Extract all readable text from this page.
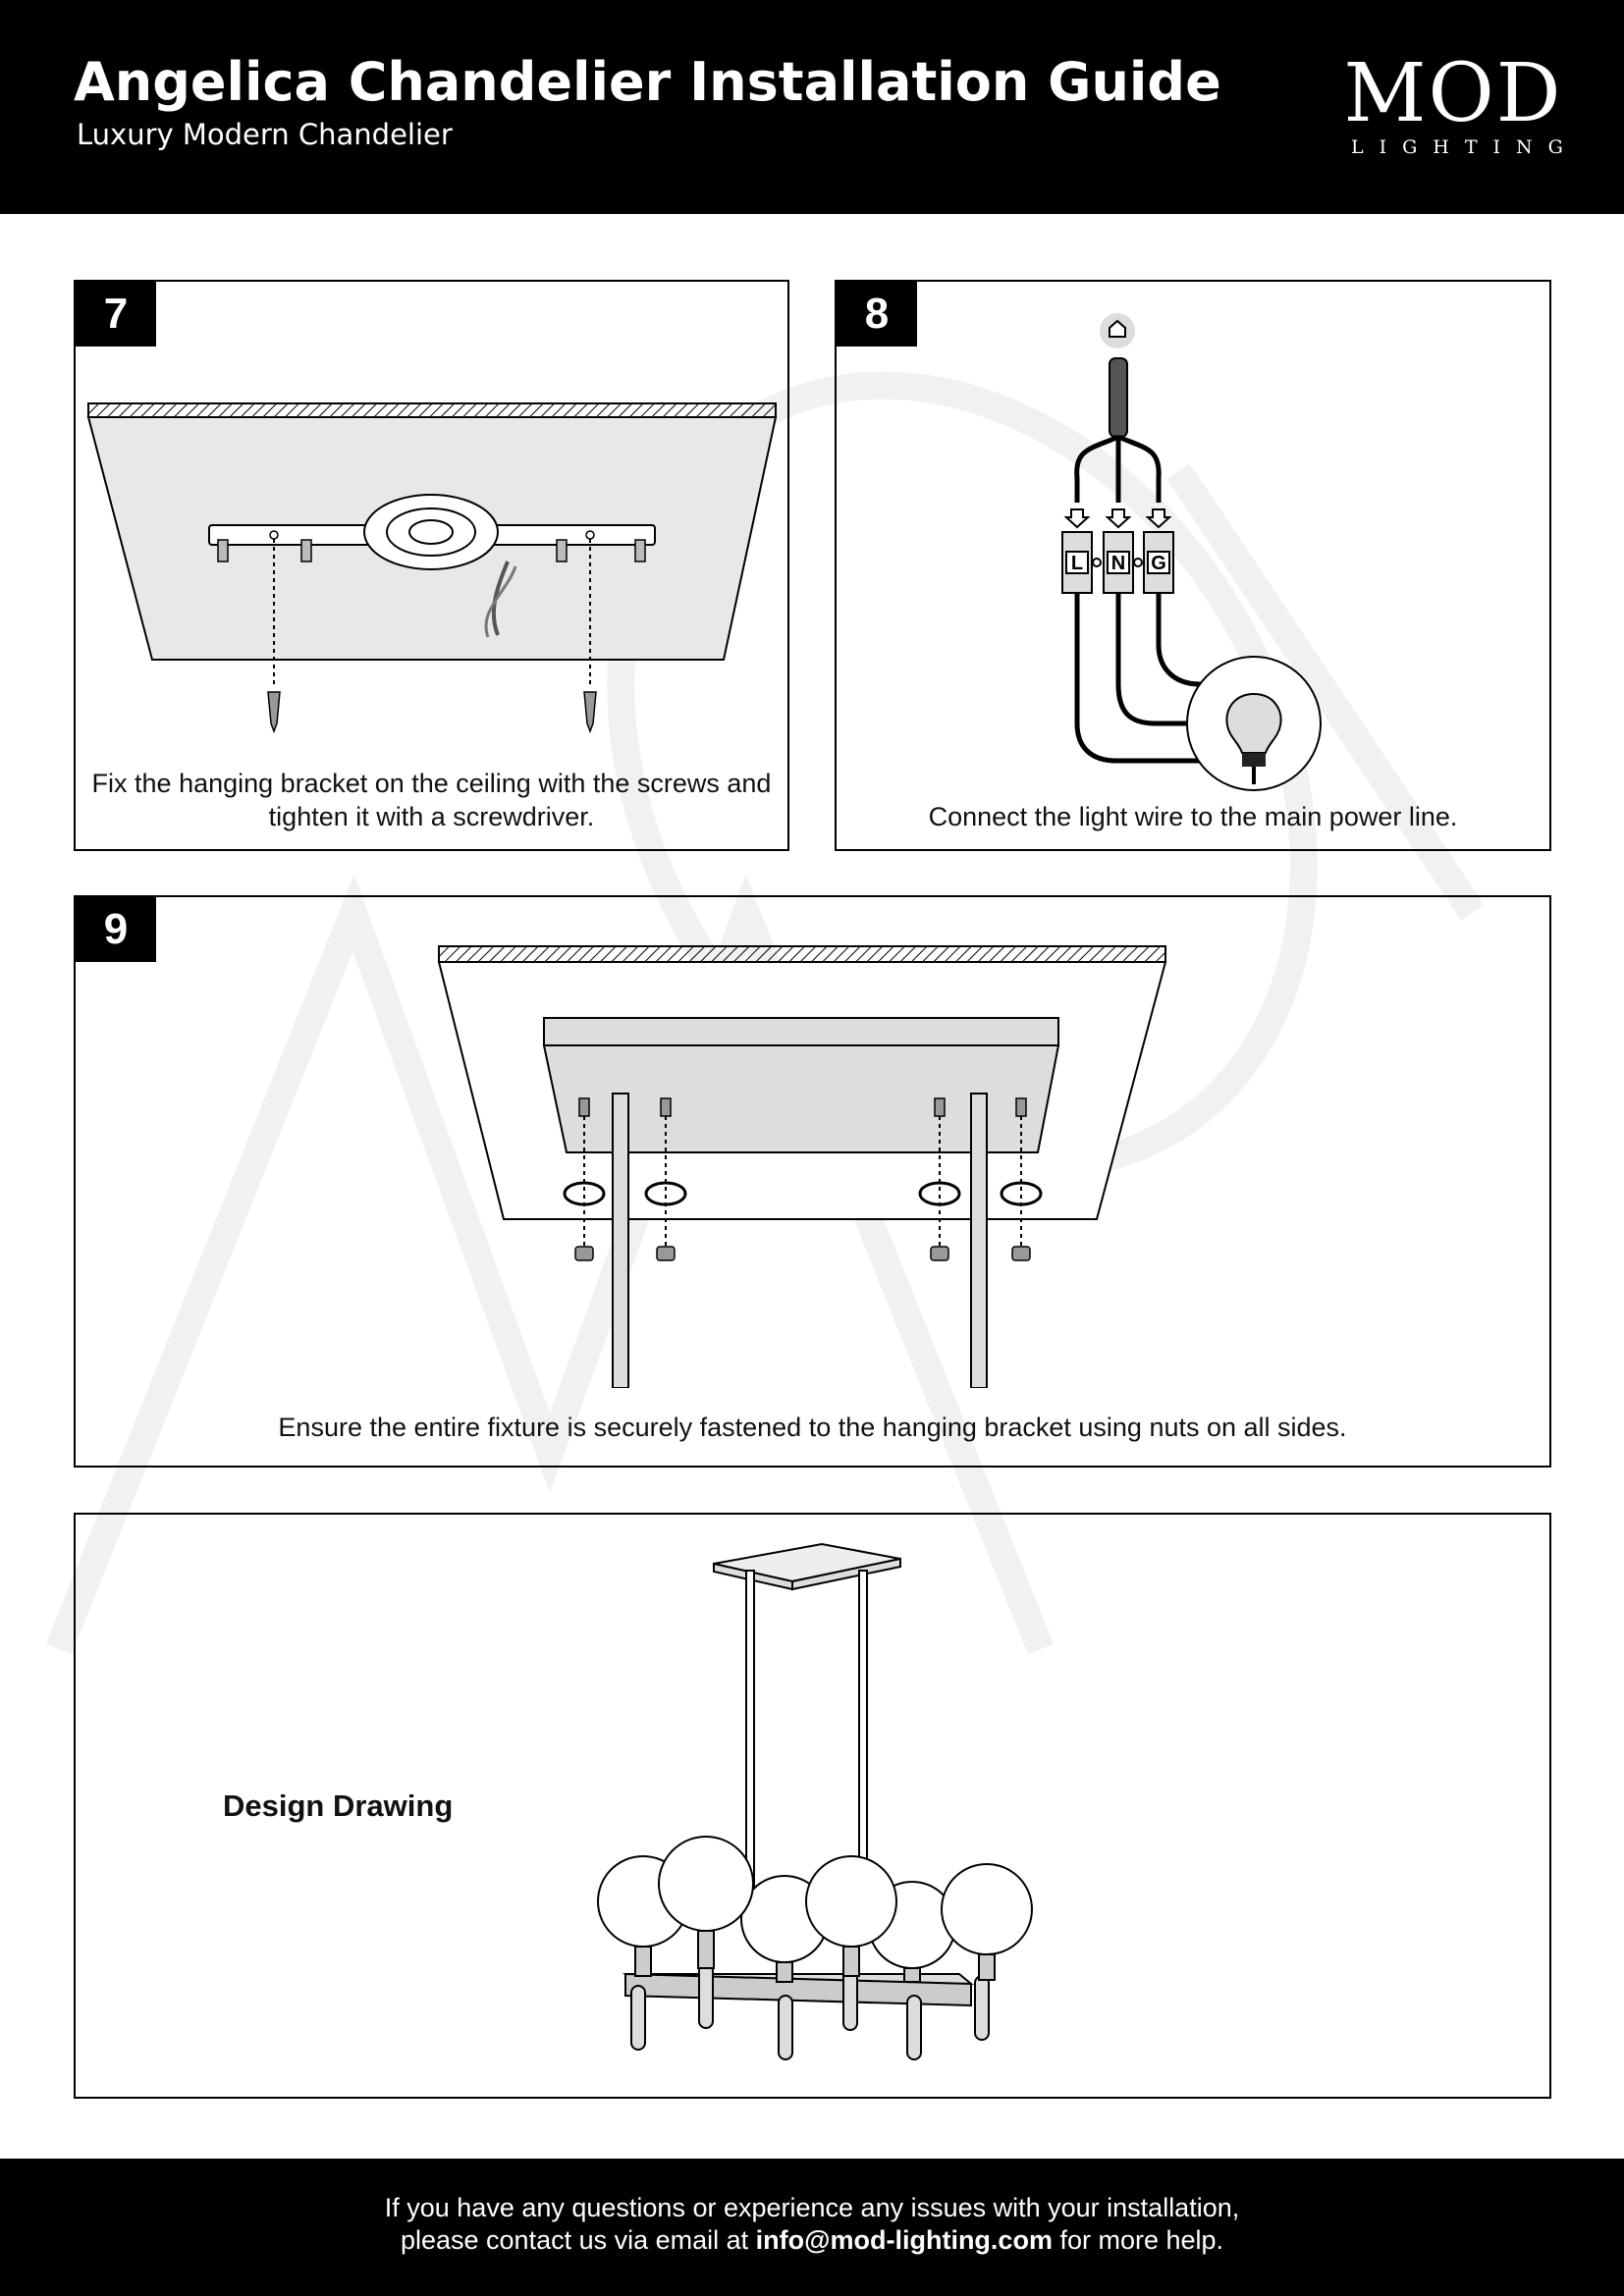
Angelica Chandelier Installation Guide
Luxury Modern Chandelier	MOD
LIGHTING
7
Fix the hanging bracket on the ceiling with the screws and
tighten it with a screwdriver.
8
L N G
Connect the light wire to the main power line.
9
Ensure the entire fixture is securely fastened to the hanging bracket using nuts on all sides.
Design Drawing
If you have any questions or experience any issues with your installation,
please contact us via email at info@mod-lighting.com for more help.
